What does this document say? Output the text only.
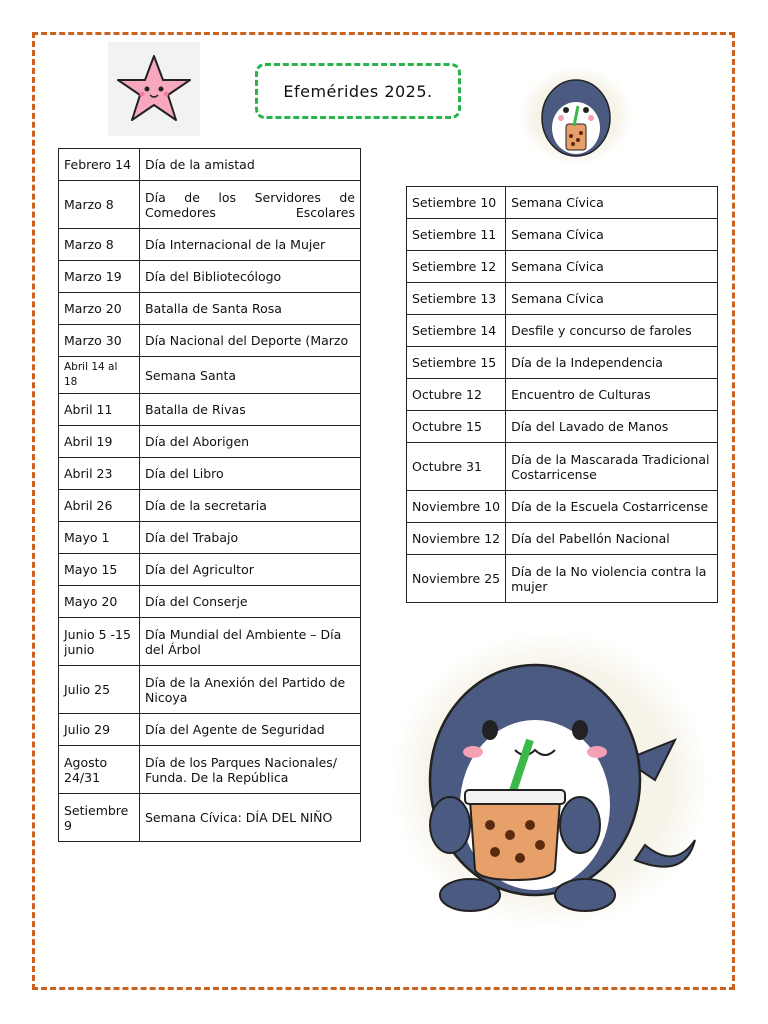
Efemérides 2025.
Febrero 14	Día de la amistad
Marzo 8	Día de los Servidores de Comedores Escolares
Marzo 8	Día Internacional de la Mujer
Marzo 19	Día del Bibliotecólogo
Marzo 20	Batalla de Santa Rosa
Marzo 30	Día Nacional del Deporte (Marzo
Abril 14 al 18	Semana Santa
Abril 11	Batalla de Rivas
Abril 19	Día del Aborigen
Abril 23	Día del Libro
Abril 26	Día de la secretaria
Mayo 1	Día del Trabajo
Mayo 15	Día del Agricultor
Mayo 20	Día del Conserje
Junio 5 -15 junio	Día Mundial del Ambiente – Día del Árbol
Julio 25	Día de la Anexión del Partido de Nicoya
Julio 29	Día del Agente de Seguridad
Agosto 24/31	Día de los Parques Nacionales/ Funda. De la República
Setiembre 9	Semana Cívica: DÍA DEL NIÑO
Setiembre 10	Semana Cívica
Setiembre 11	Semana Cívica
Setiembre 12	Semana Cívica
Setiembre 13	Semana Cívica
Setiembre 14	Desfile y concurso de faroles
Setiembre 15	Día de la Independencia
Octubre 12	Encuentro de Culturas
Octubre 15	Día del Lavado de Manos
Octubre 31	Día de la Mascarada Tradicional Costarricense
Noviembre 10	Día de la Escuela Costarricense
Noviembre 12	Día del Pabellón Nacional
Noviembre 25	Día de la No violencia contra la mujer
